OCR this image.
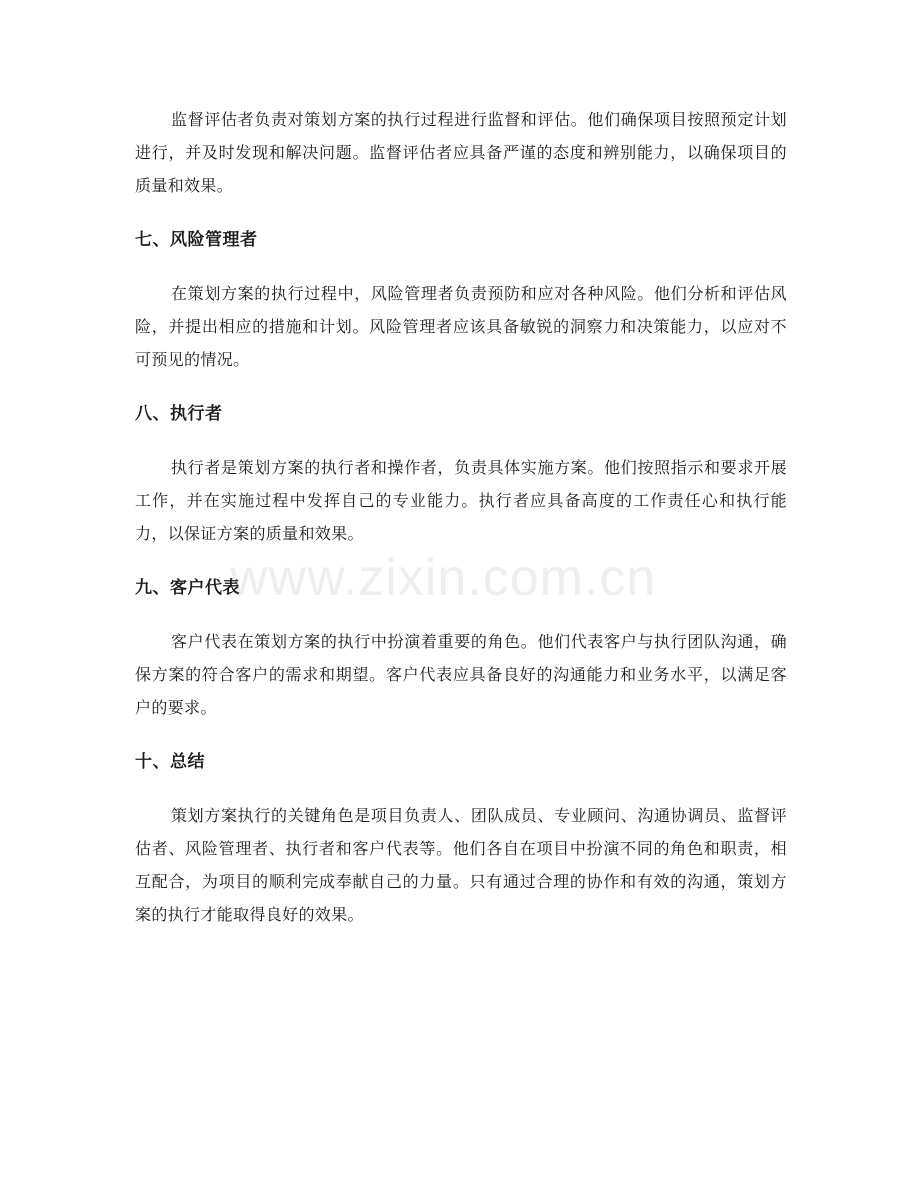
监督评估者负责对策划方案的执行过程进行监督和评估。他们确保项目按照预定计划进行，并及时发现和解决问题。监督评估者应具备严谨的态度和辨别能力，以确保项目的质量和效果。

七、风险管理者

在策划方案的执行过程中，风险管理者负责预防和应对各种风险。他们分析和评估风险，并提出相应的措施和计划。风险管理者应该具备敏锐的洞察力和决策能力，以应对不可预见的情况。

八、执行者

执行者是策划方案的执行者和操作者，负责具体实施方案。他们按照指示和要求开展工作，并在实施过程中发挥自己的专业能力。执行者应具备高度的工作责任心和执行能力，以保证方案的质量和效果。

九、客户代表

客户代表在策划方案的执行中扮演着重要的角色。他们代表客户与执行团队沟通，确保方案的符合客户的需求和期望。客户代表应具备良好的沟通能力和业务水平，以满足客户的要求。

十、总结

策划方案执行的关键角色是项目负责人、团队成员、专业顾问、沟通协调员、监督评估者、风险管理者、执行者和客户代表等。他们各自在项目中扮演不同的角色和职责，相互配合，为项目的顺利完成奉献自己的力量。只有通过合理的协作和有效的沟通，策划方案的执行才能取得良好的效果。

www.zixin.com.cn
